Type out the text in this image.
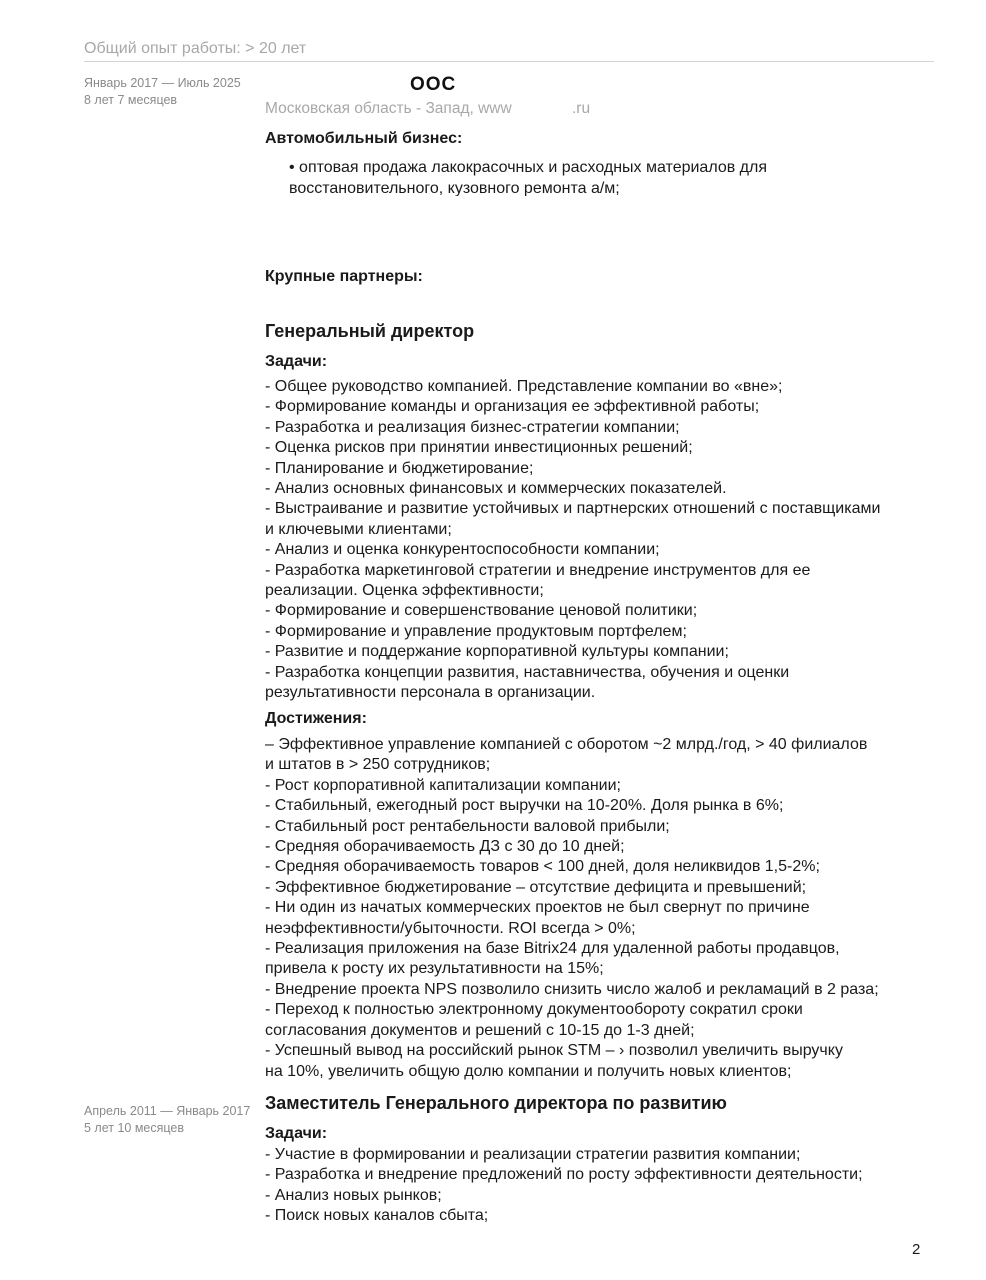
Общий опыт работы: > 20 лет
Январь 2017 — Июль 2025
8 лет 7 месяцев
ООС
Московская область - Запад, www              .ru
Автомобильный бизнес:
• оптовая продажа лакокрасочных и расходных материалов для
восстановительного, кузовного ремонта а/м;
Крупные партнеры:
Генеральный директор
Задачи:
- Общее руководство компанией. Представление компании во «вне»;
- Формирование команды и организация ее эффективной работы;
- Разработка и реализация бизнес-стратегии компании;
- Оценка рисков при принятии инвестиционных решений;
- Планирование и бюджетирование;
- Анализ основных финансовых и коммерческих показателей.
- Выстраивание и развитие устойчивых и партнерских отношений с поставщиками
и ключевыми клиентами;
- Анализ и оценка конкурентоспособности компании;
- Разработка маркетинговой стратегии и внедрение инструментов для ее
реализации. Оценка эффективности;
- Формирование и совершенствование ценовой политики;
- Формирование и управление продуктовым портфелем;
- Развитие и поддержание корпоративной культуры компании;
- Разработка концепции развития, наставничества, обучения и оценки
результативности персонала в организации.
Достижения:
– Эффективное управление компанией с оборотом ~2 млрд./год, > 40 филиалов
и штатов в > 250 сотрудников;
- Рост корпоративной капитализации компании;
- Стабильный, ежегодный рост выручки на 10-20%. Доля рынка в 6%;
- Стабильный рост рентабельности валовой прибыли;
- Средняя оборачиваемость ДЗ с 30 до 10 дней;
- Средняя оборачиваемость товаров < 100 дней, доля неликвидов 1,5-2%;
- Эффективное бюджетирование – отсутствие дефицита и превышений;
- Ни один из начатых коммерческих проектов не был свернут по причине
неэффективности/убыточности. ROI всегда > 0%;
- Реализация приложения на базе Bitrix24 для удаленной работы продавцов,
привела к росту их результативности на 15%;
- Внедрение проекта NPS позволило снизить число жалоб и рекламаций в 2 раза;
- Переход к полностью электронному документообороту сократил сроки
согласования документов и решений с 10-15 до 1-3 дней;
- Успешный вывод на российский рынок STM – › позволил увеличить выручку
на 10%, увеличить общую долю компании и получить новых клиентов;
Апрель 2011 — Январь 2017
5 лет 10 месяцев
Заместитель Генерального директора по развитию
Задачи:
- Участие в формировании и реализации стратегии развития компании;
- Разработка и внедрение предложений по росту эффективности деятельности;
- Анализ новых рынков;
- Поиск новых каналов сбыта;
2
